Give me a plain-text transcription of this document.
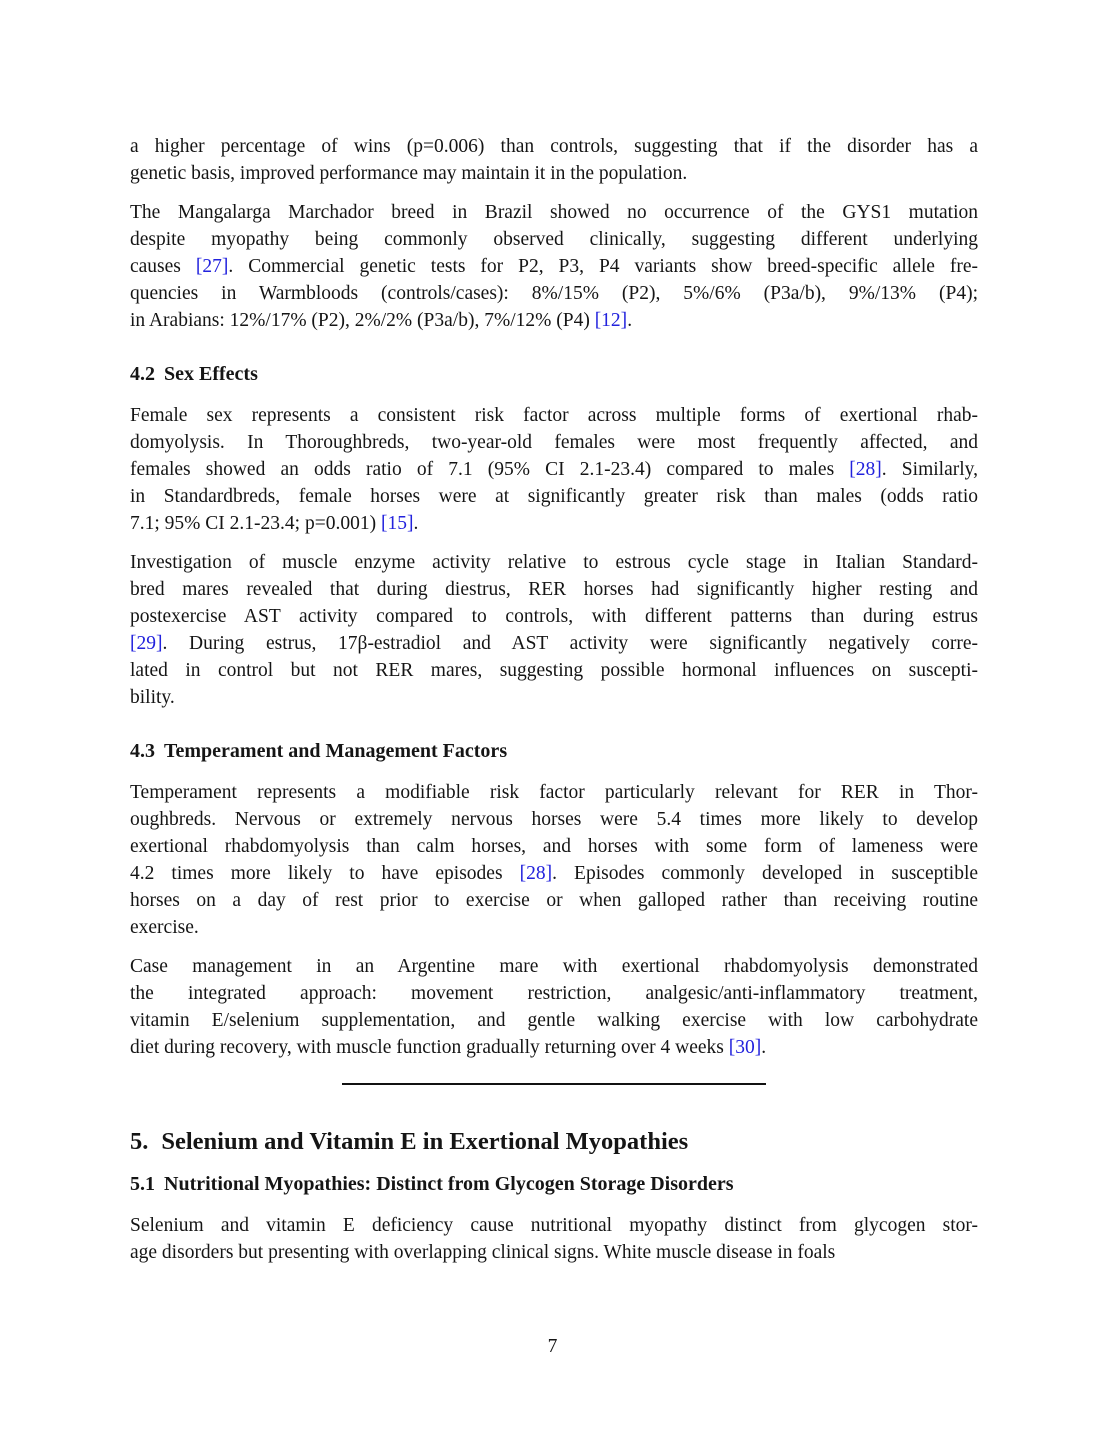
a higher percentage of wins (p=0.006) than controls, suggesting that if the disorder has a
genetic basis, improved performance may maintain it in the population.
The Mangalarga Marchador breed in Brazil showed no occurrence of the GYS1 mutation
despite myopathy being commonly observed clinically, suggesting different underlying
causes [27]. Commercial genetic tests for P2, P3, P4 variants show breed-specific allele fre-
quencies in Warmbloods (controls/cases): 8%/15% (P2), 5%/6% (P3a/b), 9%/13% (P4);
in Arabians: 12%/17% (P2), 2%/2% (P3a/b), 7%/12% (P4) [12].
4.2 Sex Effects
Female sex represents a consistent risk factor across multiple forms of exertional rhab-
domyolysis. In Thoroughbreds, two-year-old females were most frequently affected, and
females showed an odds ratio of 7.1 (95% CI 2.1-23.4) compared to males [28]. Similarly,
in Standardbreds, female horses were at significantly greater risk than males (odds ratio
7.1; 95% CI 2.1-23.4; p=0.001) [15].
Investigation of muscle enzyme activity relative to estrous cycle stage in Italian Standard-
bred mares revealed that during diestrus, RER horses had significantly higher resting and
postexercise AST activity compared to controls, with different patterns than during estrus
[29]. During estrus, 17β-estradiol and AST activity were significantly negatively corre-
lated in control but not RER mares, suggesting possible hormonal influences on suscepti-
bility.
4.3 Temperament and Management Factors
Temperament represents a modifiable risk factor particularly relevant for RER in Thor-
oughbreds. Nervous or extremely nervous horses were 5.4 times more likely to develop
exertional rhabdomyolysis than calm horses, and horses with some form of lameness were
4.2 times more likely to have episodes [28]. Episodes commonly developed in susceptible
horses on a day of rest prior to exercise or when galloped rather than receiving routine
exercise.
Case management in an Argentine mare with exertional rhabdomyolysis demonstrated
the integrated approach: movement restriction, analgesic/anti-inflammatory treatment,
vitamin E/selenium supplementation, and gentle walking exercise with low carbohydrate
diet during recovery, with muscle function gradually returning over 4 weeks [30].
5. Selenium and Vitamin E in Exertional Myopathies
5.1 Nutritional Myopathies: Distinct from Glycogen Storage Disorders
Selenium and vitamin E deficiency cause nutritional myopathy distinct from glycogen stor-
age disorders but presenting with overlapping clinical signs. White muscle disease in foals
7
